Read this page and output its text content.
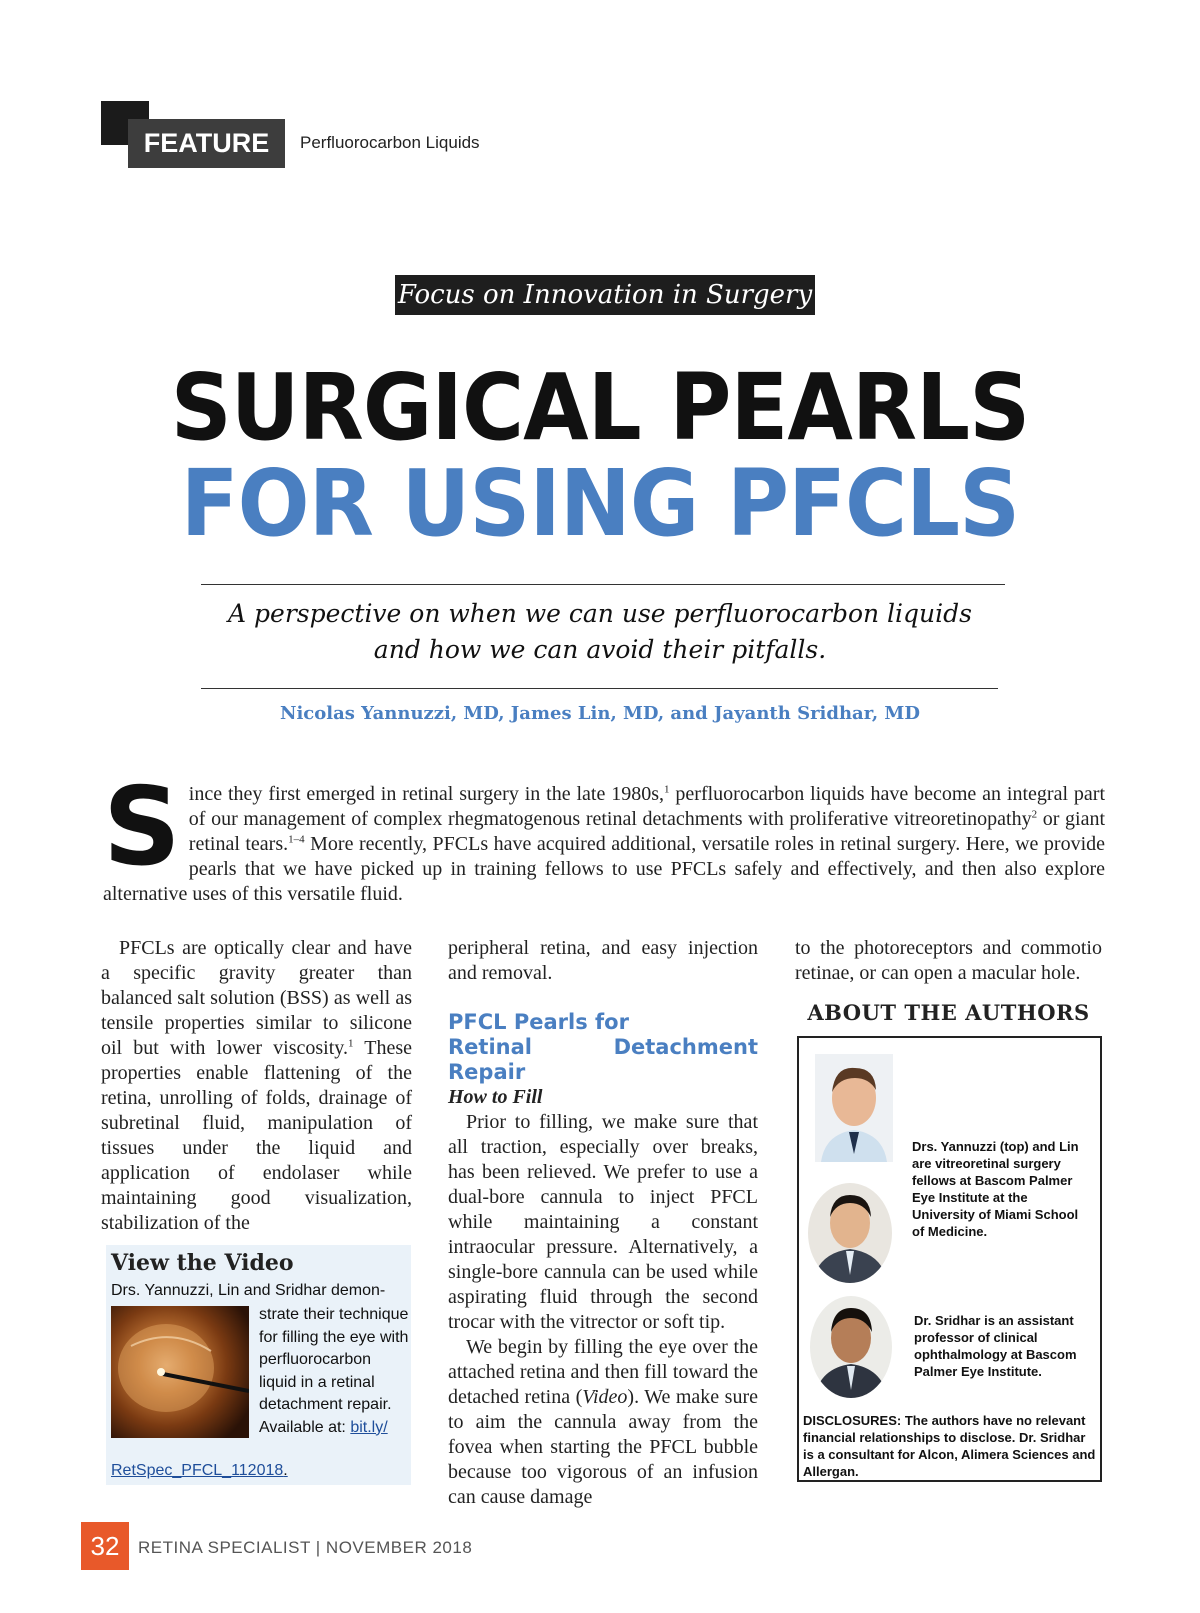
FEATURE	Perfluorocarbon Liquids
Focus on Innovation in Surgery
SURGICAL PEARLS
FOR USING PFCLS
A perspective on when we can use perfluorocarbon liquids
and how we can avoid their pitfalls.
Nicolas Yannuzzi, MD, James Lin, MD, and Jayanth Sridhar, MD
Since they first emerged in retinal surgery in the late 1980s,$^1$ perfluorocarbon liquids have become an integral part of our management of complex rhegmatogenous retinal detachments with proliferative vitreoretinopathy$^2$ or giant retinal tears.$^{1-4}$ More recently, PFCLs have acquired additional, versatile roles in retinal surgery. Here, we provide pearls that we have picked up in training fellows to use PFCLs safely and effectively, and then also explore alternative uses of this versatile fluid.

PFCLs are optically clear and have a specific gravity greater than balanced salt solution (BSS) as well as tensile properties similar to silicone oil but with lower viscosity.$^1$ These properties enable flattening of the retina, unrolling of folds, drainage of subretinal fluid, manipulation of tissues under the liquid and application of endolaser while maintaining good visualization, stabilization of the

View the Video
Drs. Yannuzzi, Lin and Sridhar demon-
strate their technique for filling the eye with perfluorocarbon liquid in a retinal detachment repair. Available at: bit.ly/
RetSpec_PFCL_112018.

peripheral retina, and easy injection and removal.

PFCL Pearls for
Retinal Detachment Repair
How to Fill

Prior to filling, we make sure that all traction, especially over breaks, has been relieved. We prefer to use a dual-bore cannula to inject PFCL while maintaining a constant intraocular pressure. Alternatively, a single-bore cannula can be used while aspirating fluid through the second trocar with the vitrector or soft tip.

We begin by filling the eye over the attached retina and then fill toward the detached retina (Video). We make sure to aim the cannula away from the fovea when starting the PFCL bubble because too vigorous of an infusion can cause damage

to the photoreceptors and commotio retinae, or can open a macular hole.

ABOUT THE AUTHORS
Drs. Yannuzzi (top) and Lin are vitreoretinal surgery fellows at Bascom Palmer Eye Institute at the University of Miami School of Medicine.
Dr. Sridhar is an assistant professor of clinical ophthalmology at Bascom Palmer Eye Institute.
DISCLOSURES: The authors have no relevant financial relationships to disclose. Dr. Sridhar is a consultant for Alcon, Alimera Sciences and Allergan.
32	RETINA SPECIALIST | NOVEMBER 2018
